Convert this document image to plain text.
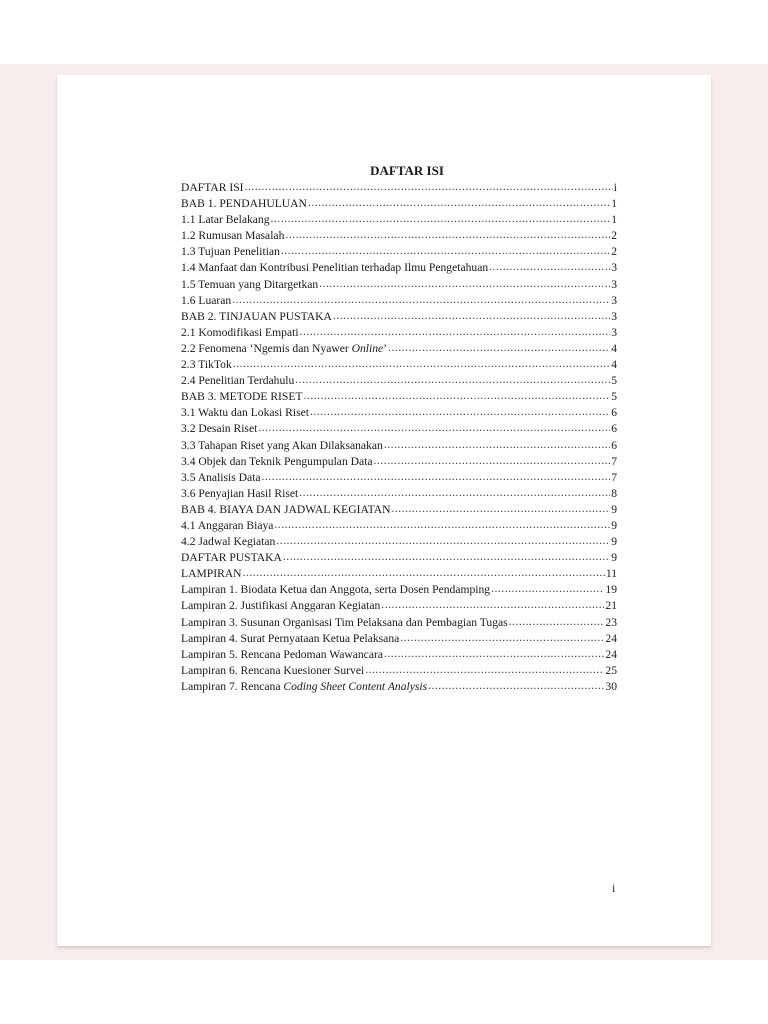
DAFTAR ISI
DAFTAR ISI .....	i
BAB 1. PENDAHULUAN .....	1
1.1 Latar Belakang .....	1
1.2 Rumusan Masalah .....	2
1.3 Tujuan Penelitian .....	2
1.4 Manfaat dan Kontribusi Penelitian terhadap Ilmu Pengetahuan .....	3
1.5 Temuan yang Ditargetkan .....	3
1.6 Luaran .....	3
BAB 2. TINJAUAN PUSTAKA .....	3
2.1 Komodifikasi Empati .....	3
2.2 Fenomena ‘Ngemis dan Nyawer Online’ .....	4
2.3 TikTok .....	4
2.4 Penelitian Terdahulu .....	5
BAB 3. METODE RISET .....	5
3.1 Waktu dan Lokasi Riset .....	6
3.2 Desain Riset .....	6
3.3 Tahapan Riset yang Akan Dilaksanakan .....	6
3.4 Objek dan Teknik Pengumpulan Data .....	7
3.5 Analisis Data .....	7
3.6 Penyajian Hasil Riset .....	8
BAB 4. BIAYA DAN JADWAL KEGIATAN .....	9
4.1 Anggaran Biaya .....	9
4.2 Jadwal Kegiatan .....	9
DAFTAR PUSTAKA .....	9
LAMPIRAN .....	11
Lampiran 1. Biodata Ketua dan Anggota, serta Dosen Pendamping .....	19
Lampiran 2. Justifikasi Anggaran Kegiatan .....	21
Lampiran 3. Susunan Organisasi Tim Pelaksana dan Pembagian Tugas .....	23
Lampiran 4. Surat Pernyataan Ketua Pelaksana .....	24
Lampiran 5. Rencana Pedoman Wawancara .....	24
Lampiran 6. Rencana Kuesioner Survei .....	25
Lampiran 7. Rencana Coding Sheet Content Analysis .....	30
i
